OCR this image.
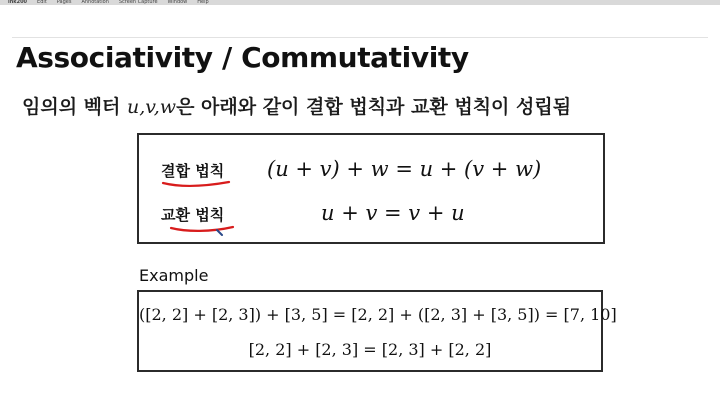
ink200 Edit Pages Annotation Screen Capture Window Help
Associativity / Commutativity
임의의 벡터 u,v,w은 아래와 같이 결합 법칙과 교환 법칙이 성립됨
결합 법칙 (u + v) + w = u + (v + w)
교환 법칙	u + v = v + u
Example
([2, 2] + [2, 3]) + [3, 5] = [2, 2] + ([2, 3] + [3, 5]) = [7, 10]
[2, 2] + [2, 3] = [2, 3] + [2, 2]
